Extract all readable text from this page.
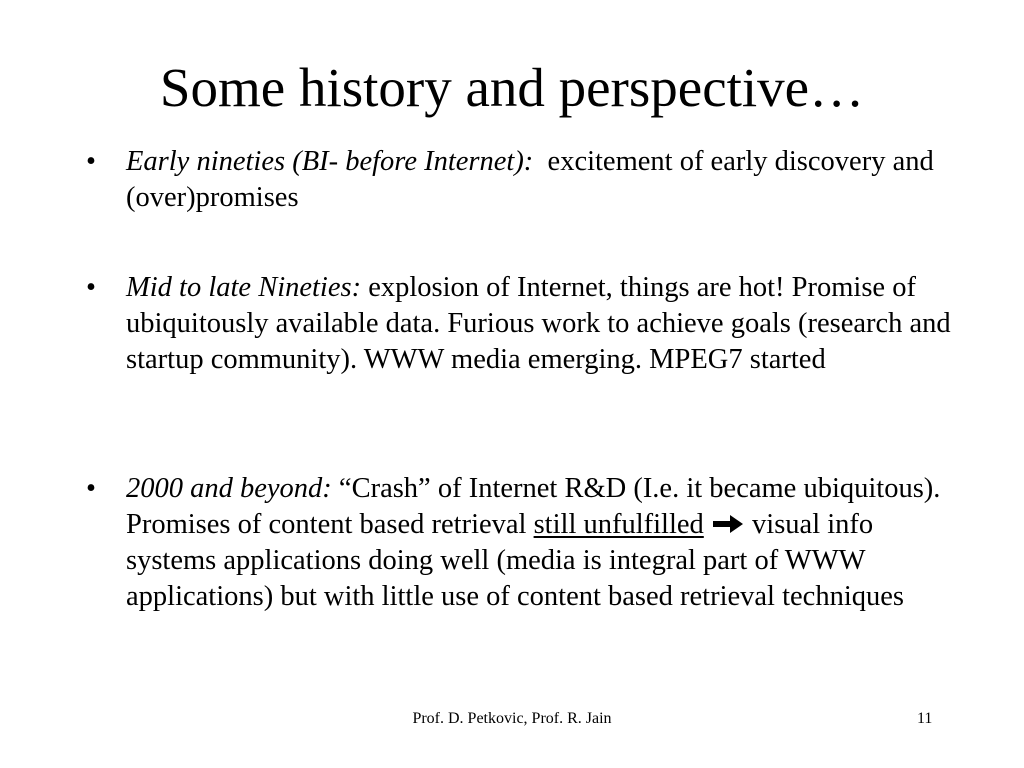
Some history and perspective…
• Early nineties (BI- before Internet): excitement of early discovery and (over)promises
• Mid to late Nineties: explosion of Internet, things are hot! Promise of ubiquitously available data. Furious work to achieve goals (research and startup community). WWW media emerging. MPEG7 started
• 2000 and beyond: “Crash” of Internet R&D (I.e. it became ubiquitous). Promises of content based retrieval still unfulfilled visual info systems applications doing well (media is integral part of WWW applications) but with little use of content based retrieval techniques
Prof. D. Petkovic, Prof. R. Jain	11
